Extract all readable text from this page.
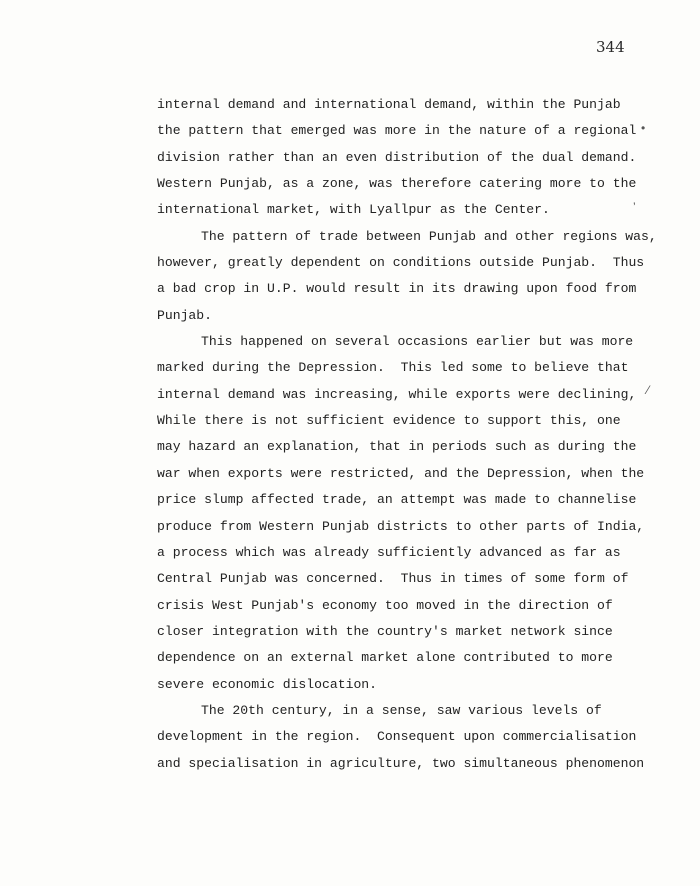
344
internal demand and international demand, within the Punjab
the pattern that emerged was more in the nature of a regional
division rather than an even distribution of the dual demand.
Western Punjab, as a zone, was therefore catering more to the
international market, with Lyallpur as the Center.
The pattern of trade between Punjab and other regions was,
however, greatly dependent on conditions outside Punjab.  Thus
a bad crop in U.P. would result in its drawing upon food from
Punjab.
This happened on several occasions earlier but was more
marked during the Depression.  This led some to believe that
internal demand was increasing, while exports were declining,
While there is not sufficient evidence to support this, one
may hazard an explanation, that in periods such as during the
war when exports were restricted, and the Depression, when the
price slump affected trade, an attempt was made to channelise
produce from Western Punjab districts to other parts of India,
a process which was already sufficiently advanced as far as
Central Punjab was concerned.  Thus in times of some form of
crisis West Punjab's economy too moved in the direction of
closer integration with the country's market network since
dependence on an external market alone contributed to more
severe economic dislocation.
The 20th century, in a sense, saw various levels of
development in the region.  Consequent upon commercialisation
and specialisation in agriculture, two simultaneous phenomenon
•
’
⁄
